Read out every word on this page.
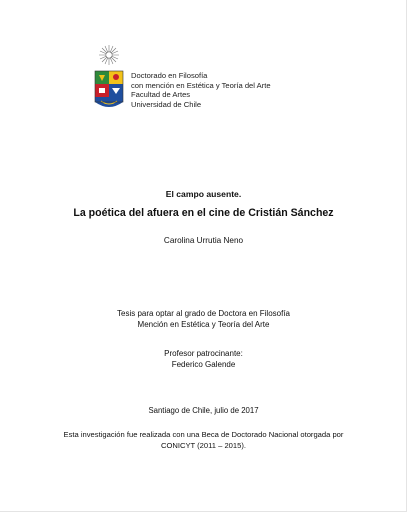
Doctorado en Filosofía
con mención en Estética y Teoría del Arte
Facultad de Artes
Universidad de Chile
El campo ausente.
La poética del afuera en el cine de Cristián Sánchez
Carolina Urrutia Neno
Tesis para optar al grado de Doctora en Filosofía
Mención en Estética y Teoría del Arte
Profesor patrocinante:
Federico Galende
Santiago de Chile, julio de 2017
Esta investigación fue realizada con una Beca de Doctorado Nacional otorgada por
CONICYT (2011 – 2015).
